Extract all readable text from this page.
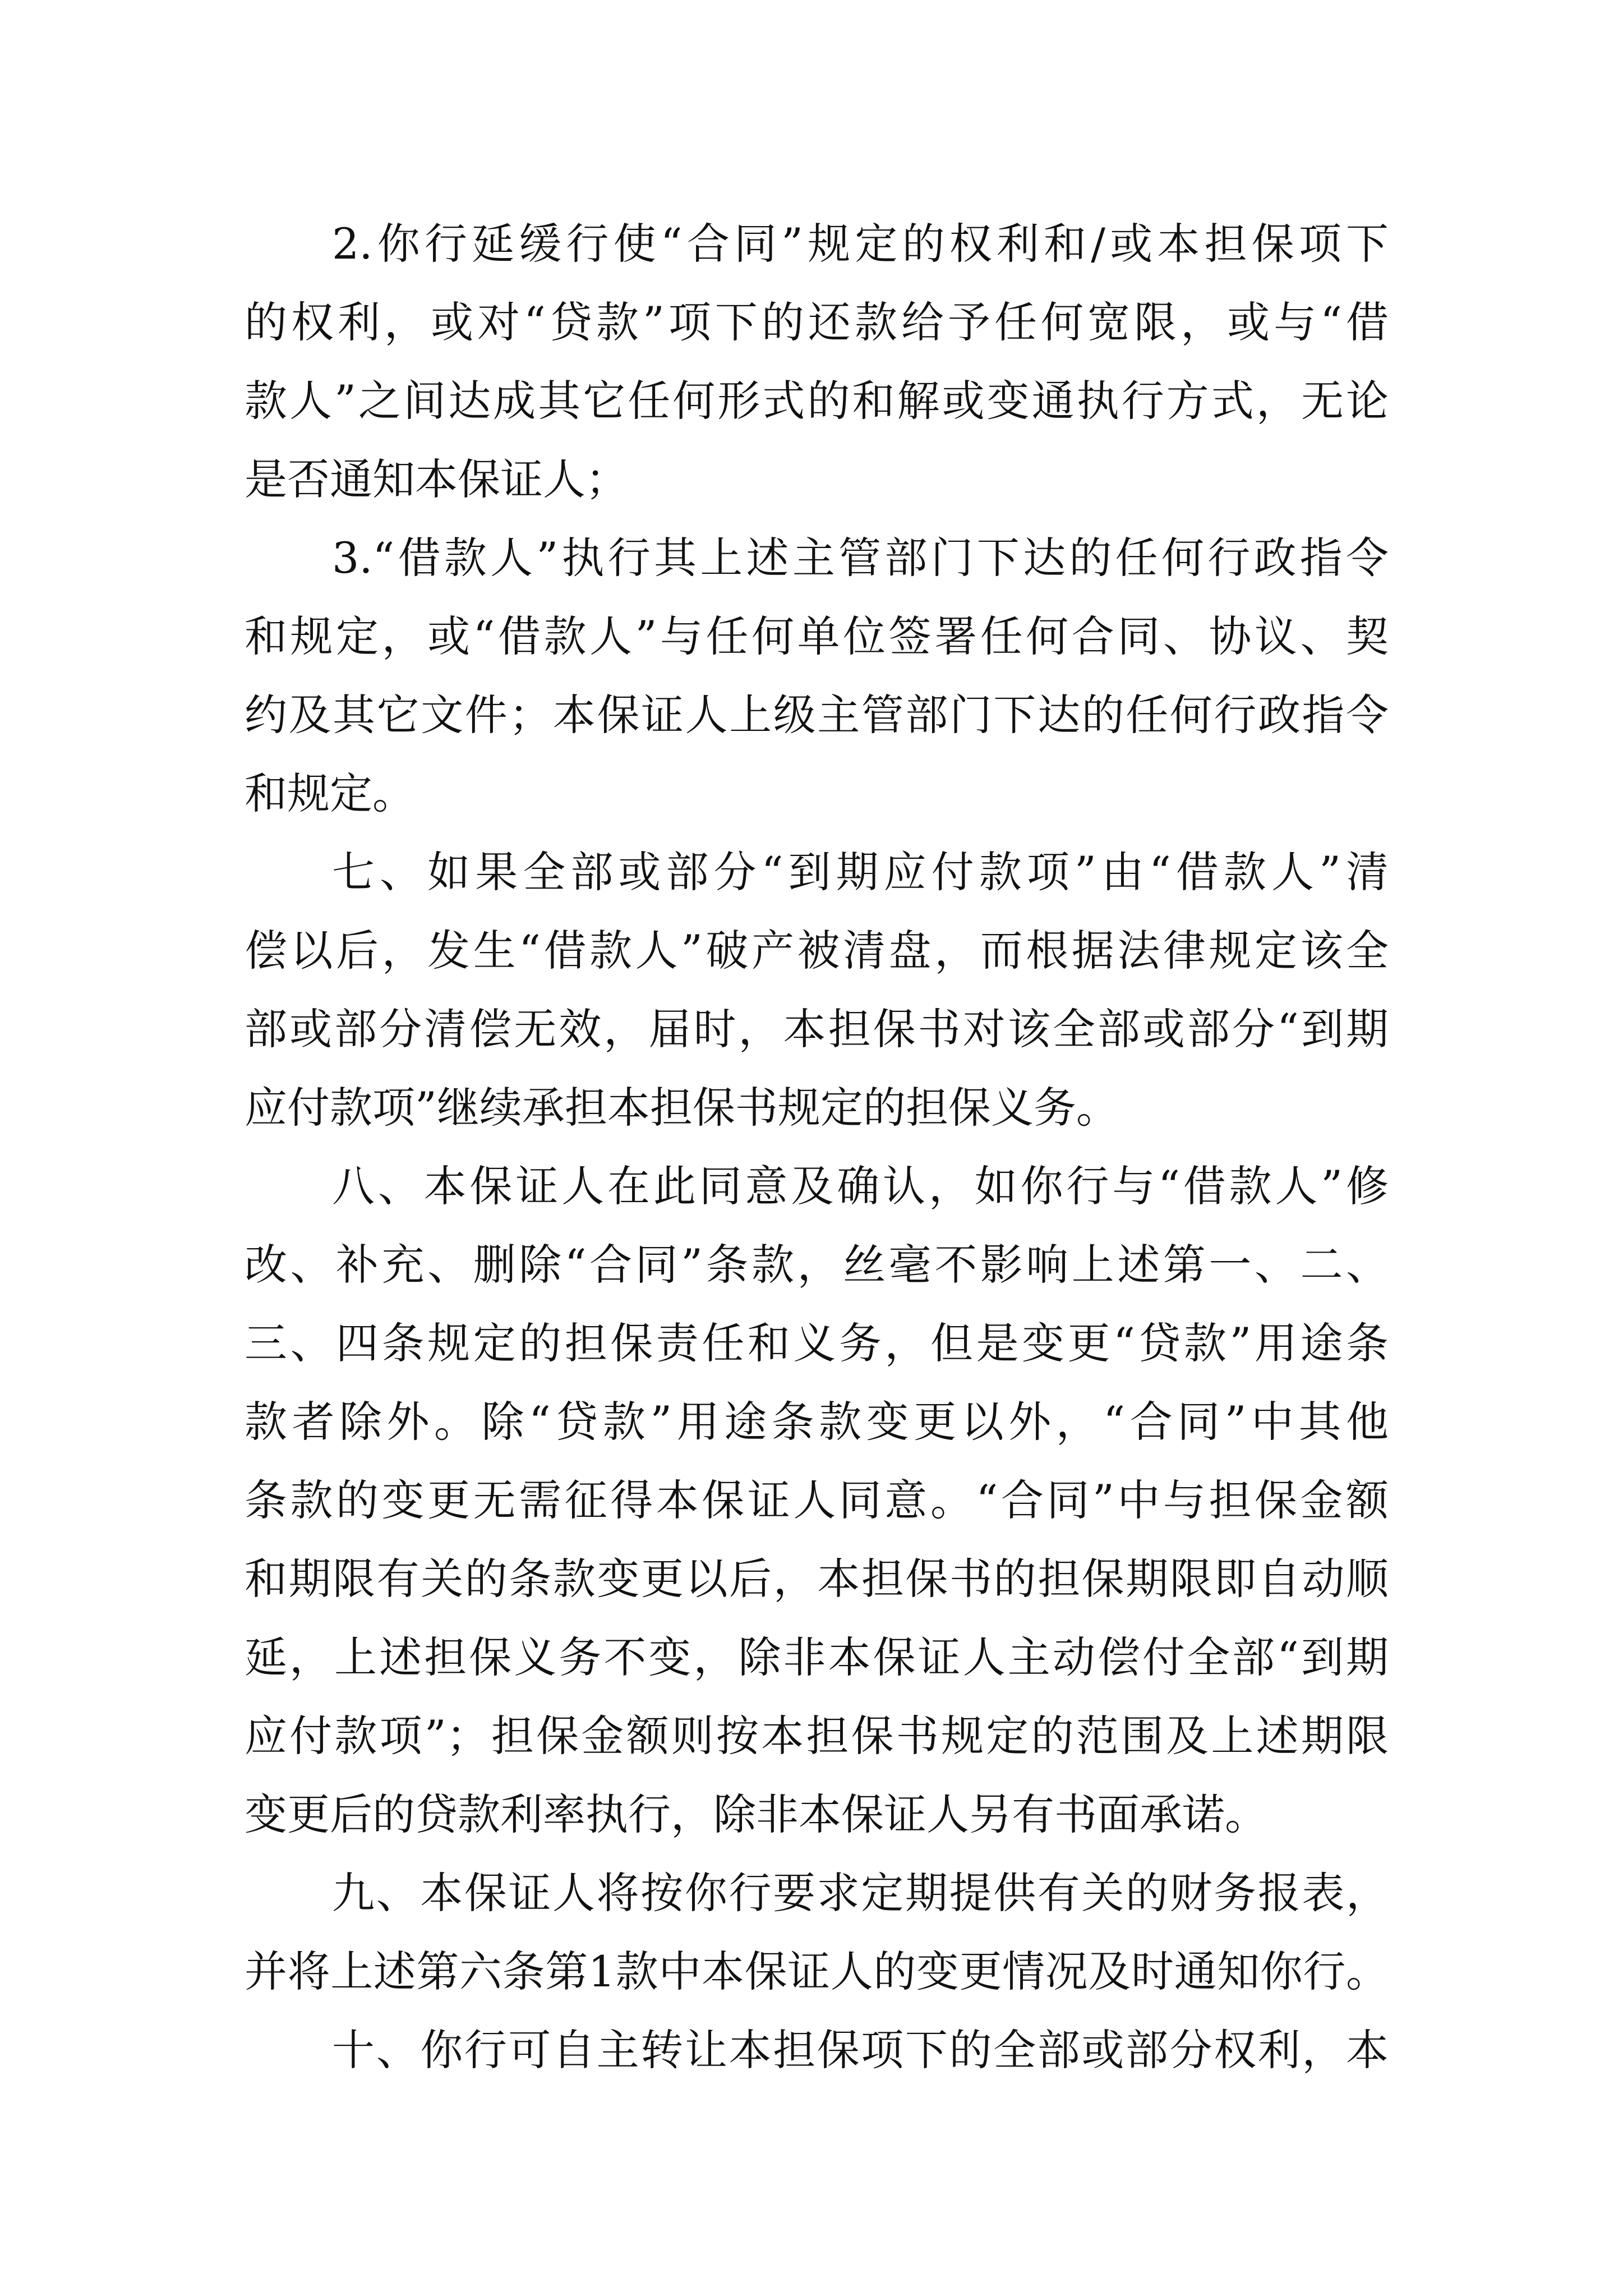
2.你行延缓行使“合同”规定的权利和/或本担保项下
的权利，或对“贷款”项下的还款给予任何宽限，或与“借
款人”之间达成其它任何形式的和解或变通执行方式，无论
是否通知本保证人；
3.“借款人”执行其上述主管部门下达的任何行政指令
和规定，或“借款人”与任何单位签署任何合同、协议、契
约及其它文件；本保证人上级主管部门下达的任何行政指令
和规定。
七、如果全部或部分“到期应付款项”由“借款人”清
偿以后，发生“借款人”破产被清盘，而根据法律规定该全
部或部分清偿无效，届时，本担保书对该全部或部分“到期
应付款项”继续承担本担保书规定的担保义务。
八、本保证人在此同意及确认，如你行与“借款人”修
改、补充、删除“合同”条款，丝毫不影响上述第一、二、
三、四条规定的担保责任和义务，但是变更“贷款”用途条
款者除外。除“贷款”用途条款变更以外，“合同”中其他
条款的变更无需征得本保证人同意。“合同”中与担保金额
和期限有关的条款变更以后，本担保书的担保期限即自动顺
延，上述担保义务不变，除非本保证人主动偿付全部“到期
应付款项”；担保金额则按本担保书规定的范围及上述期限
变更后的贷款利率执行，除非本保证人另有书面承诺。
九、本保证人将按你行要求定期提供有关的财务报表，
并将上述第六条第1款中本保证人的变更情况及时通知你行。
十、你行可自主转让本担保项下的全部或部分权利，本
